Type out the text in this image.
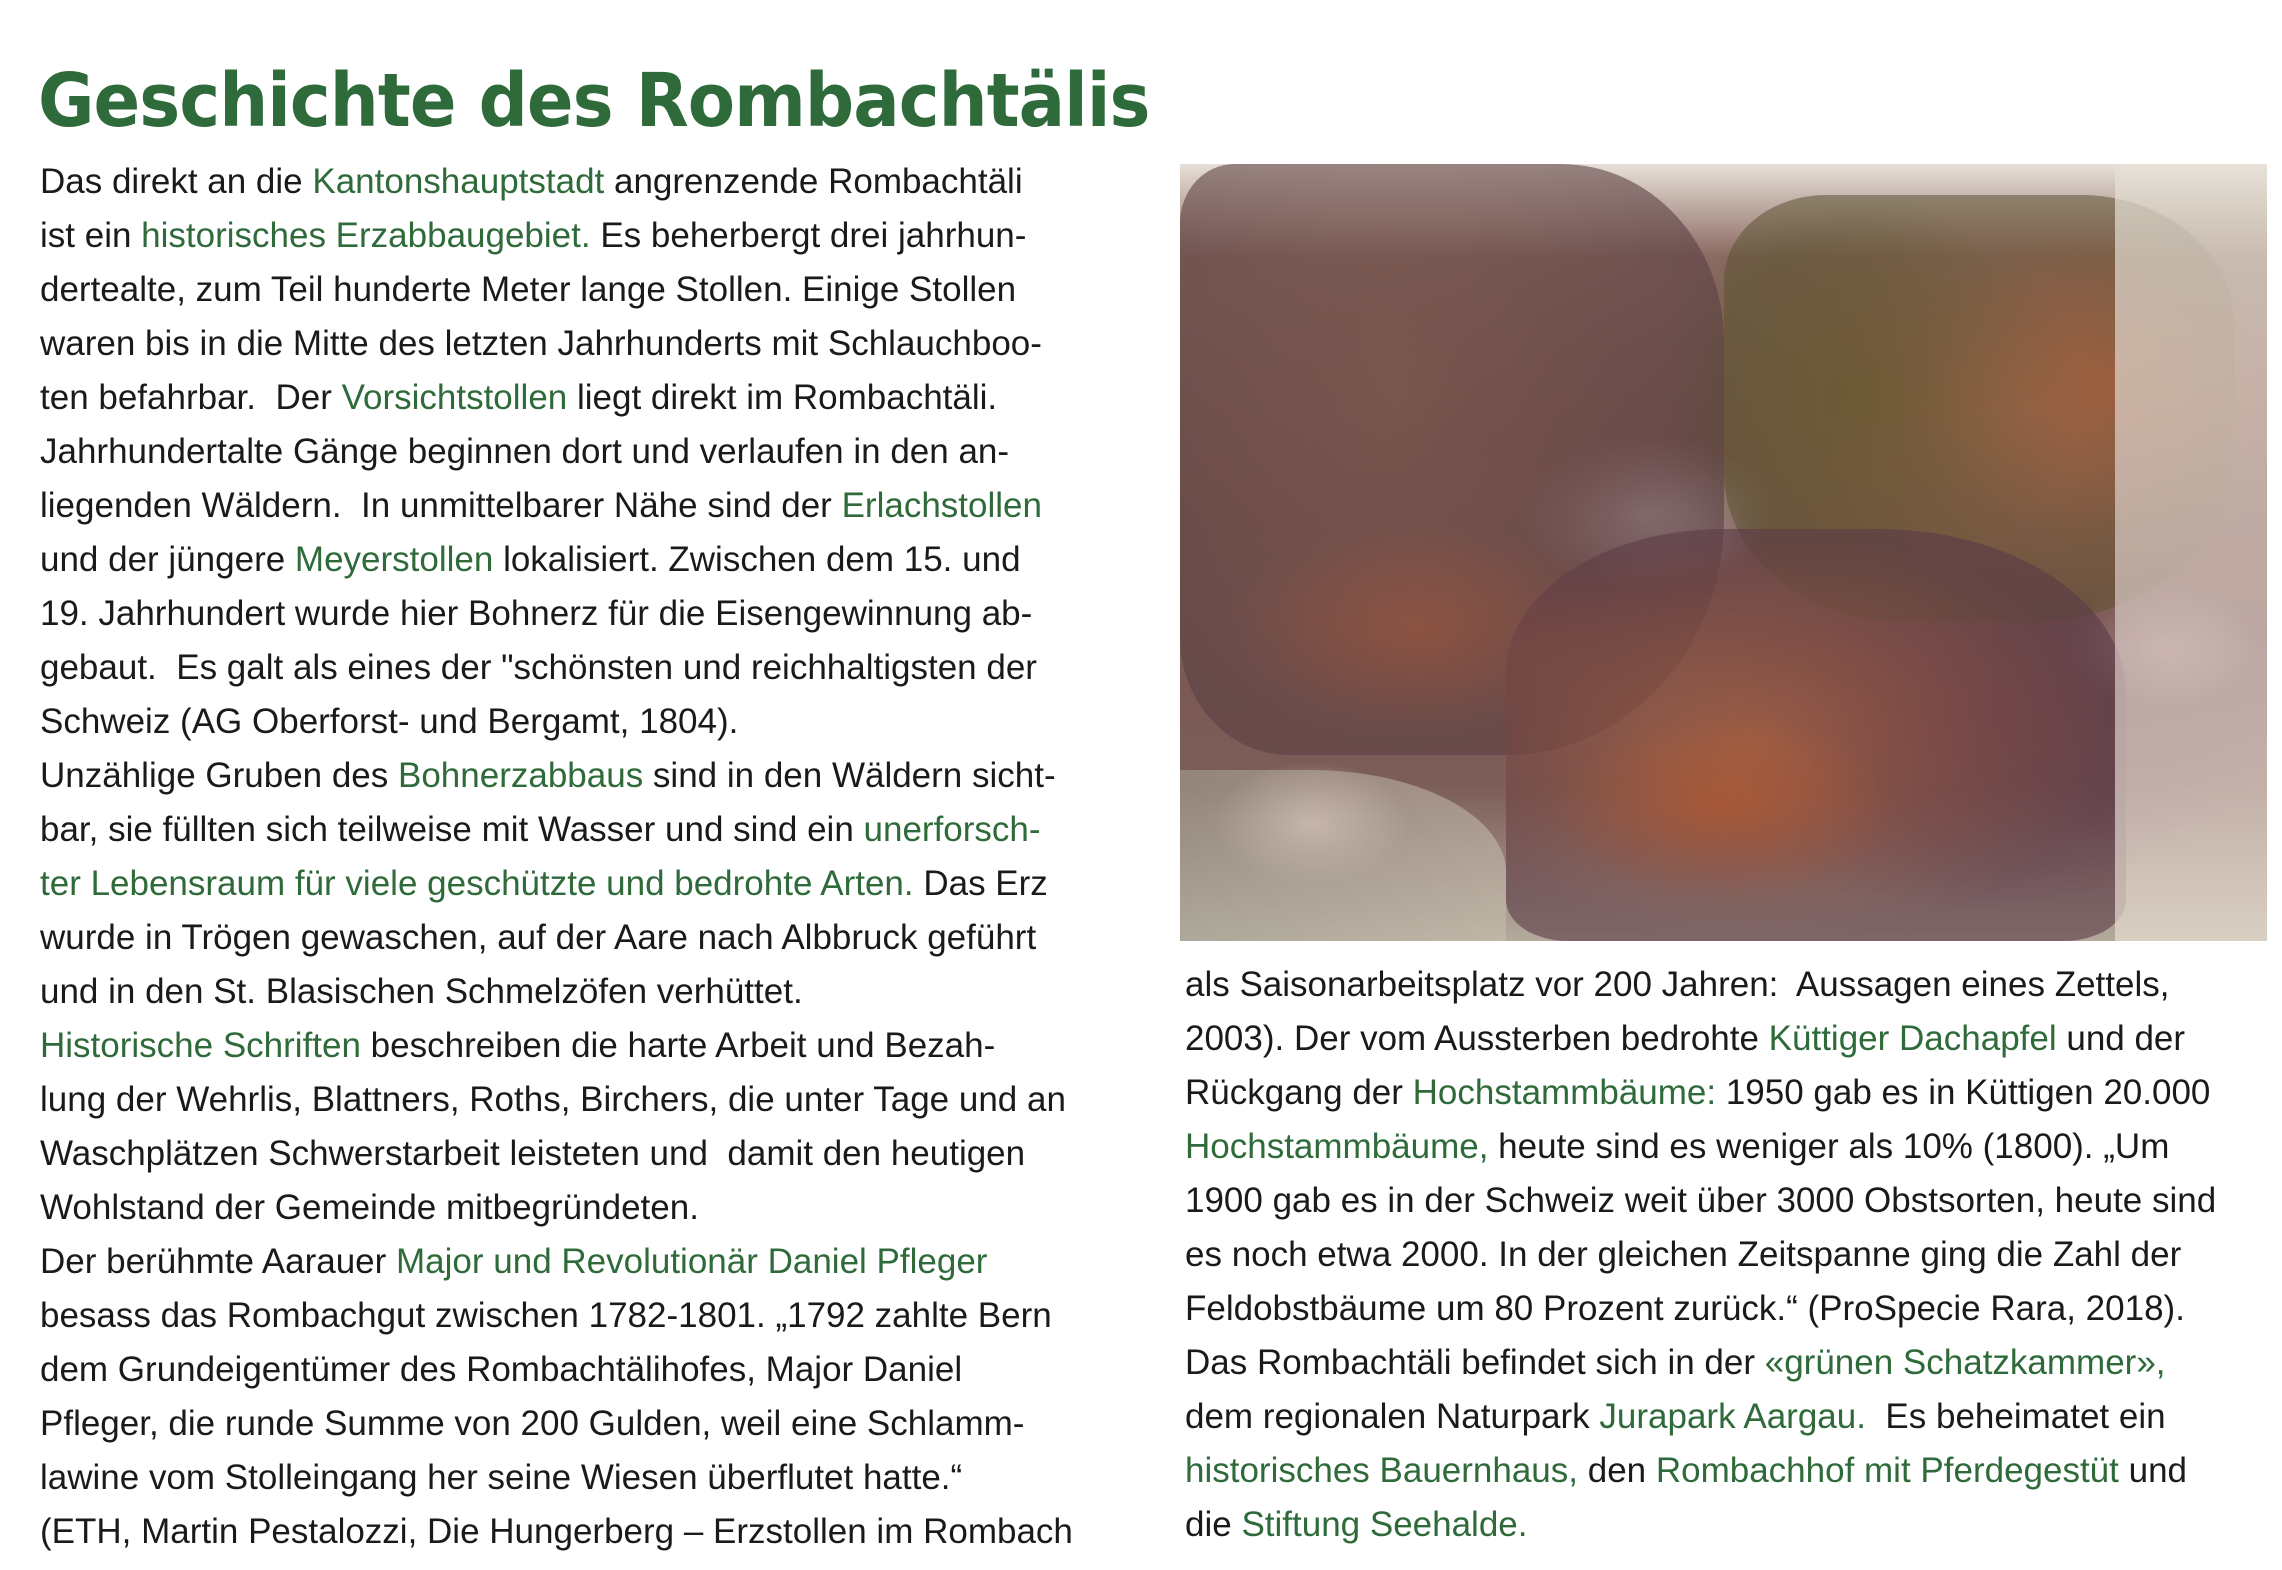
Geschichte des Rombachtälis
Das direkt an die Kantonshauptstadt angrenzende Rombachtäli
ist ein historisches Erzabbaugebiet. Es beherbergt drei jahrhun-
dertealte, zum Teil hunderte Meter lange Stollen. Einige Stollen
waren bis in die Mitte des letzten Jahrhunderts mit Schlauchboo-
ten befahrbar.  Der Vorsichtstollen liegt direkt im Rombachtäli.
Jahrhundertalte Gänge beginnen dort und verlaufen in den an-
liegenden Wäldern.  In unmittelbarer Nähe sind der Erlachstollen
und der jüngere Meyerstollen lokalisiert. Zwischen dem 15. und
19. Jahrhundert wurde hier Bohnerz für die Eisengewinnung ab-
gebaut.  Es galt als eines der "schönsten und reichhaltigsten der
Schweiz (AG Oberforst- und Bergamt, 1804).
Unzählige Gruben des Bohnerzabbaus sind in den Wäldern sicht-
bar, sie füllten sich teilweise mit Wasser und sind ein unerforsch-
ter Lebensraum für viele geschützte und bedrohte Arten. Das Erz
wurde in Trögen gewaschen, auf der Aare nach Albbruck geführt
und in den St. Blasischen Schmelzöfen verhüttet.
Historische Schriften beschreiben die harte Arbeit und Bezah-
lung der Wehrlis, Blattners, Roths, Birchers, die unter Tage und an
Waschplätzen Schwerstarbeit leisteten und  damit den heutigen
Wohlstand der Gemeinde mitbegründeten.
Der berühmte Aarauer Major und Revolutionär Daniel Pfleger
besass das Rombachgut zwischen 1782-1801. „1792 zahlte Bern
dem Grundeigentümer des Rombachtälihofes, Major Daniel
Pfleger, die runde Summe von 200 Gulden, weil eine Schlamm-
lawine vom Stolleingang her seine Wiesen überflutet hatte.“
(ETH, Martin Pestalozzi, Die Hungerberg – Erzstollen im Rombach
als Saisonarbeitsplatz vor 200 Jahren:  Aussagen eines Zettels,
2003). Der vom Aussterben bedrohte Küttiger Dachapfel und der
Rückgang der Hochstammbäume: 1950 gab es in Küttigen 20.000
Hochstammbäume, heute sind es weniger als 10% (1800). „Um
1900 gab es in der Schweiz weit über 3000 Obstsorten, heute sind
es noch etwa 2000. In der gleichen Zeitspanne ging die Zahl der
Feldobstbäume um 80 Prozent zurück.“ (ProSpecie Rara, 2018).
Das Rombachtäli befindet sich in der «grünen Schatzkammer»,
dem regionalen Naturpark Jurapark Aargau.  Es beheimatet ein
historisches Bauernhaus, den Rombachhof mit Pferdegestüt und
die Stiftung Seehalde.
